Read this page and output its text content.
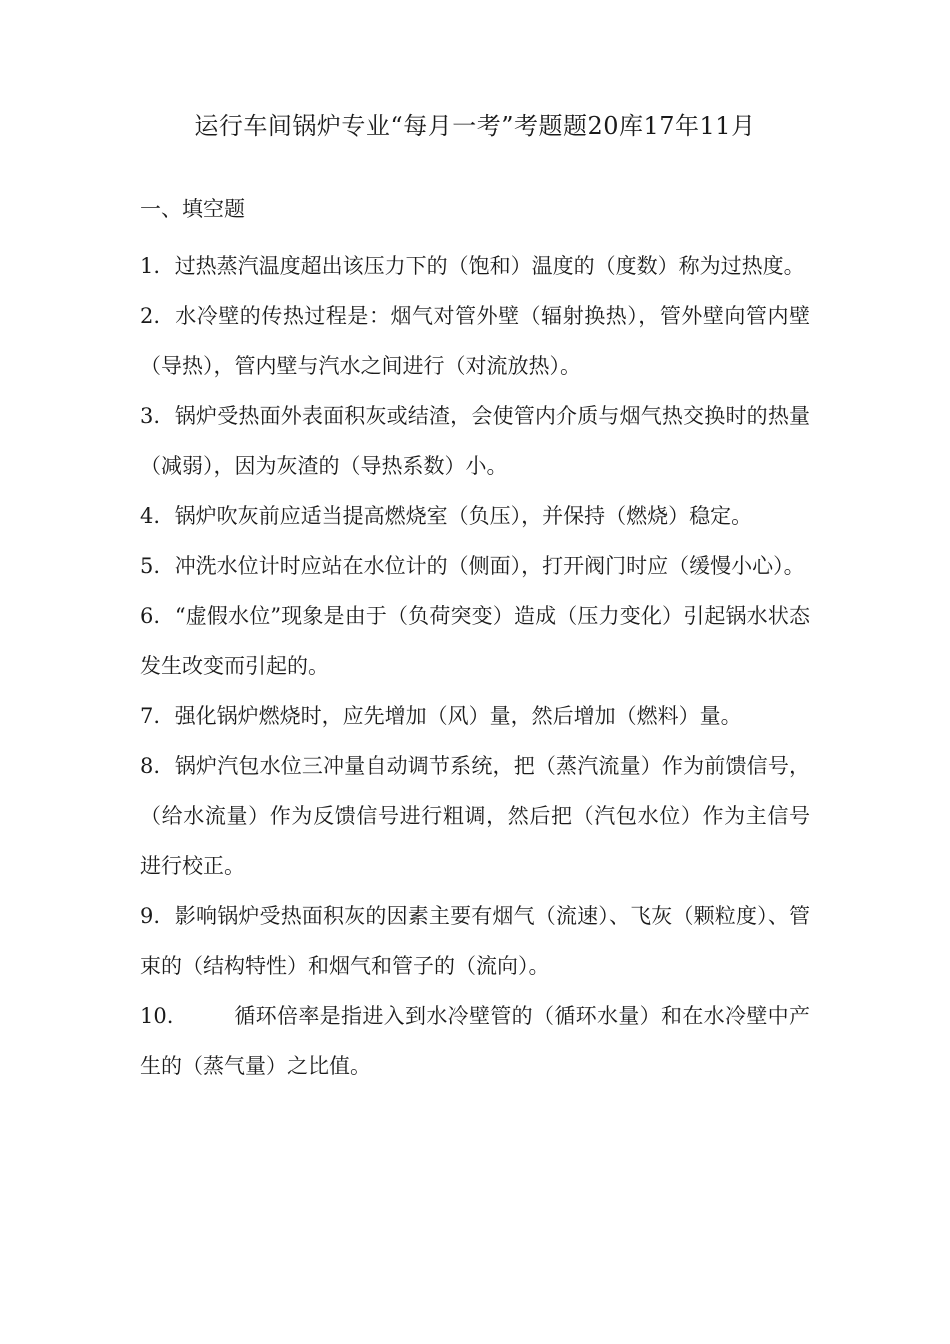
运行车间锅炉专业“每月一考”考题题20库17年11月
一、填空题
1. 过热蒸汽温度超出该压力下的（饱和）温度的（度数）称为过热度。
2. 水冷壁的传热过程是：烟气对管外壁（辐射换热），管外壁向管内壁（导热），管内壁与汽水之间进行（对流放热）。
3. 锅炉受热面外表面积灰或结渣，会使管内介质与烟气热交换时的热量（减弱），因为灰渣的（导热系数）小。
4. 锅炉吹灰前应适当提高燃烧室（负压），并保持（燃烧）稳定。
5. 冲洗水位计时应站在水位计的（侧面），打开阀门时应（缓慢小心）。
6. “虚假水位”现象是由于（负荷突变）造成（压力变化）引起锅水状态发生改变而引起的。
7. 强化锅炉燃烧时，应先增加（风）量，然后增加（燃料）量。
8. 锅炉汽包水位三冲量自动调节系统，把（蒸汽流量）作为前馈信号，（给水流量）作为反馈信号进行粗调，然后把（汽包水位）作为主信号进行校正。
9. 影响锅炉受热面积灰的因素主要有烟气（流速）、飞灰（颗粒度）、管束的（结构特性）和烟气和管子的（流向）。
10.	循环倍率是指进入到水冷壁管的（循环水量）和在水冷壁中产生的（蒸气量）之比值。
